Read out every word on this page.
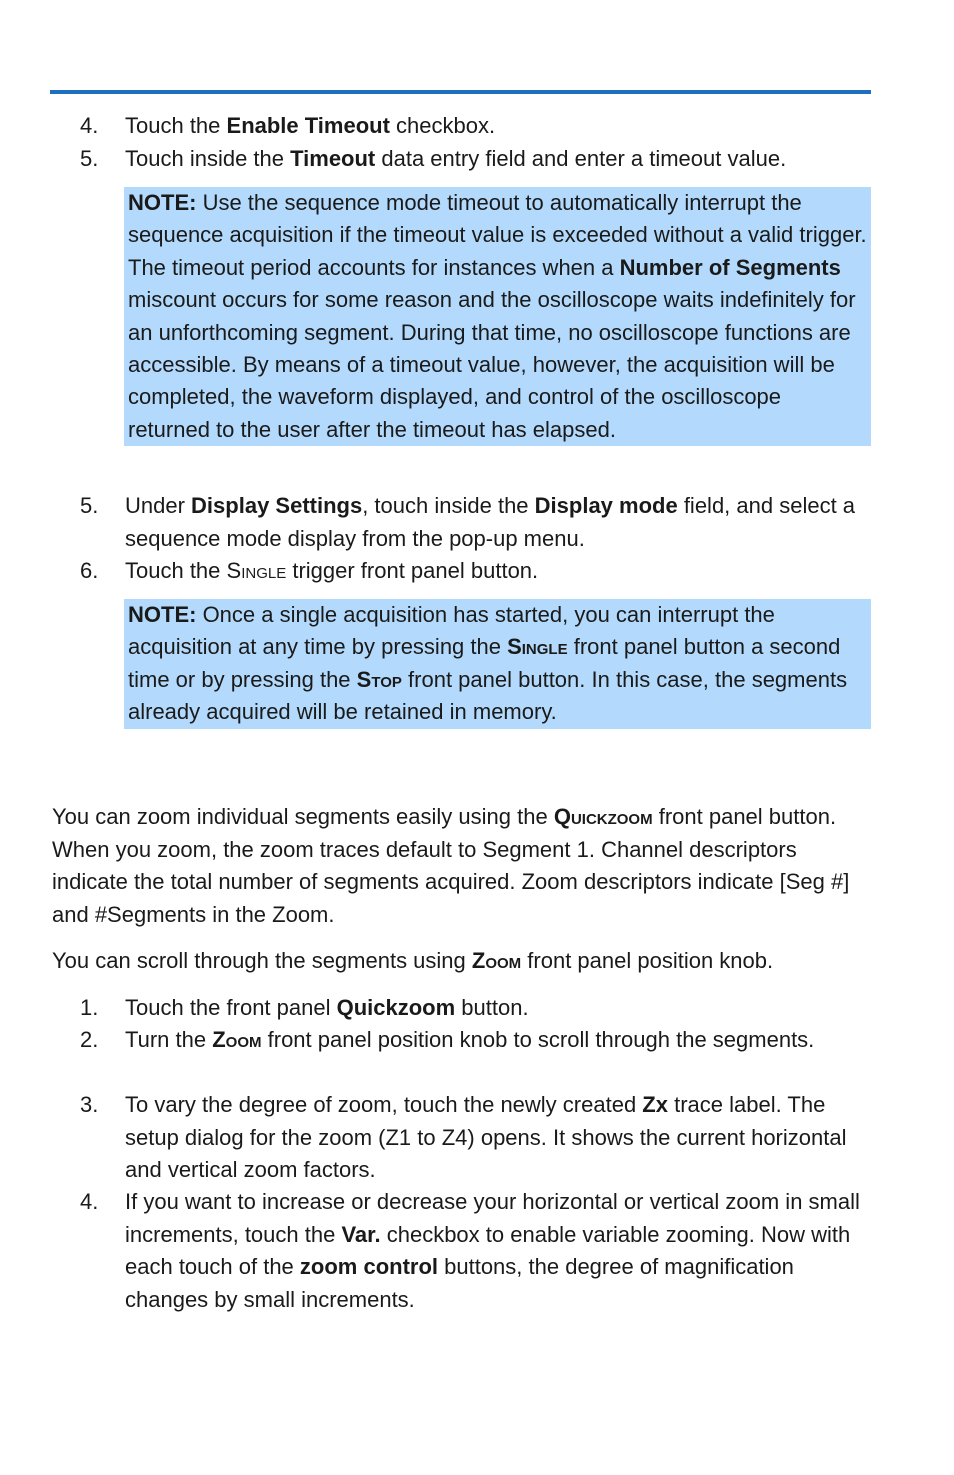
4. Touch the Enable Timeout checkbox.
5. Touch inside the Timeout data entry field and enter a timeout value.
NOTE: Use the sequence mode timeout to automatically interrupt the sequence acquisition if the timeout value is exceeded without a valid trigger. The timeout period accounts for instances when a Number of Segments miscount occurs for some reason and the oscilloscope waits indefinitely for an unforthcoming segment. During that time, no oscilloscope functions are accessible. By means of a timeout value, however, the acquisition will be completed, the waveform displayed, and control of the oscilloscope returned to the user after the timeout has elapsed.
5. Under Display Settings, touch inside the Display mode field, and select a sequence mode display from the pop-up menu.
6. Touch the Single trigger front panel button.
NOTE: Once a single acquisition has started, you can interrupt the acquisition at any time by pressing the Single front panel button a second time or by pressing the Stop front panel button. In this case, the segments already acquired will be retained in memory.
You can zoom individual segments easily using the Quickzoom front panel button. When you zoom, the zoom traces default to Segment 1. Channel descriptors indicate the total number of segments acquired. Zoom descriptors indicate [Seg #] and #Segments in the Zoom.
You can scroll through the segments using Zoom front panel position knob.
1. Touch the front panel Quickzoom button.
2. Turn the Zoom front panel position knob to scroll through the segments.
3. To vary the degree of zoom, touch the newly created Zx trace label. The setup dialog for the zoom (Z1 to Z4) opens. It shows the current horizontal and vertical zoom factors.
4. If you want to increase or decrease your horizontal or vertical zoom in small increments, touch the Var. checkbox to enable variable zooming. Now with each touch of the zoom control buttons, the degree of magnification changes by small increments.
